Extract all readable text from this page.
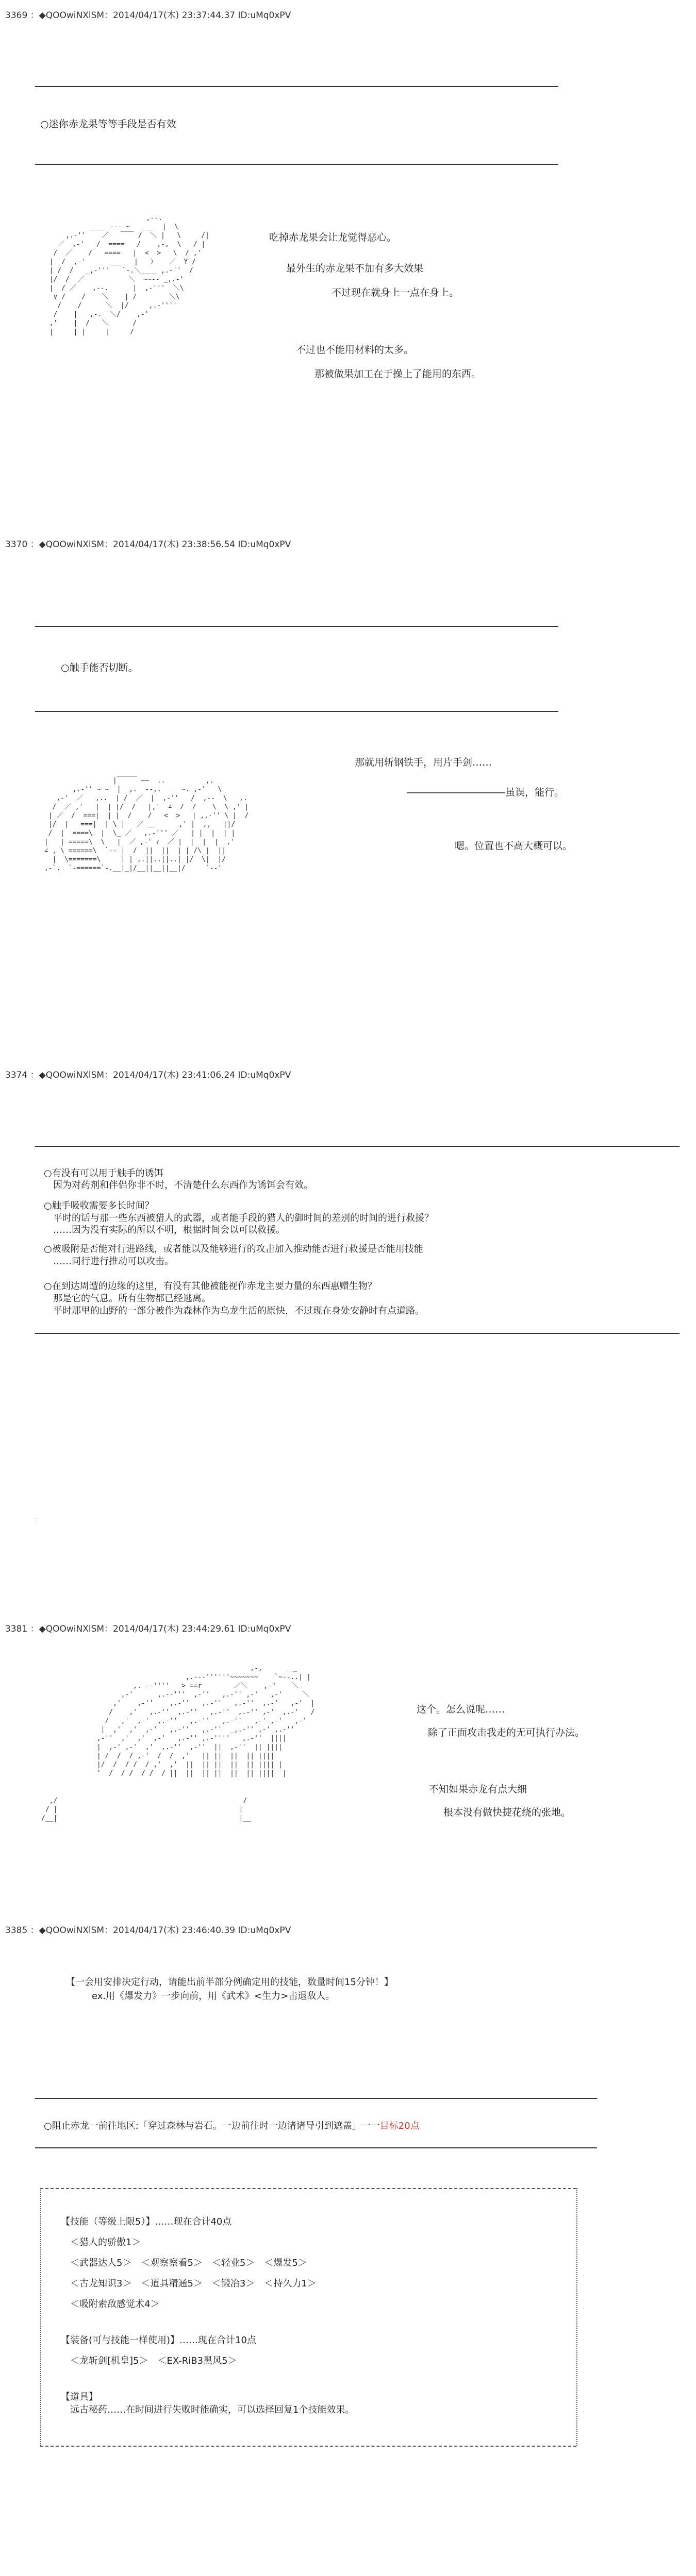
3369 ：◆QOOwiNXlSM：2014/04/17(木) 23:37:44.37 ID:uMq0xPV
○迷你赤龙果等等手段是否有效
,--.
____ --- ~   ___  |  \
,.-''    ／   ￣￣ /  ＼ |   \     /|
／  ,-'   /  ====   /    ,-,  \   / |
/  ／    /   ====   |  <  >   \  / ,'
|  /  ,-'      ___   |   ）   ／  Y /
| /  /   _,-'''   `-.＼____ ,.-''  /
|/  /  ／           ＼  ~~-- _,.-'
|  / ／    ,--.      |  ,-'''  ＼\
∨ /    /    ＼    | /        ＼\
/    /      ＼  |/     ,.-''''
/    |   ,-.  ＼/    ,-'
,'    |  /   ＼      /
|     | |     |     /
吃掉赤龙果会让龙觉得恶心。
最外生的赤龙果不加有多大效果
不过现在就身上一点在身上。
不过也不能用材料的太多。
那被做果加工在于操上了能用的东西。
3370 ：◆QOOwiNXlSM：2014/04/17(木) 23:38:56.54 ID:uMq0xPV
○触手能否切断。
|￣￣￣ ~~  ..          ,.
,.-'' ~ ~  |  ,.  --,.     ~. ,-'   \
,-'  ／   ,..  | /  ／  |  ,-''   /  ,--  \   ,.
/  ／ ,'   |  | |/  /   |,'  ∠  /  /    \  \ ,' |
| ／  /  ===|  | |  /    /   <  >   | ,.-'' \ |  /
|/  |   ===|  | \ |   ／ ＿      ,' |  ,,   ||/
/  |  ====\  |  \_ ／   ,.-''' ／   | |  |  | |
|   | =====\  \   |  ／ ,-' ｨ  ／ |  |  |  |  ,'
∠ , \ ======\  `-- |  /  ||  ||  | | /\ |  ||
|  \=======\     | | ,.||..||..| |/  \|  |/
,-`.  `-======`-.__|_|/__||__||__|/     `--'
那就用斩钢铁手，用片手剑……
――――――――――虽误，能行。
嗯。位置也不高大概可以。
3374 ：◆QOOwiNXlSM：2014/04/17(木) 23:41:06.24 ID:uMq0xPV
○有没有可以用于触手的诱饵
　因为对药剂和伴侣你非不时，不清楚什么东西作为诱饵会有效。
○触手吸收需要多长时间？
　平时的话与那一些东西被猎人的武器，或者能手段的猎人的御时间的差别的时间的进行救援？
　……因为没有实际的所以不明，根据时间会以可以救援。
○被吸附是否能对行进路线，或者能以及能够进行的攻击加入推动能否进行救援是否能用技能
　……同行进行推动可以攻击。
○在到达周遭的边缘的这里，有没有其他被能视作赤龙主要力量的东西惠赠生物？
　那是它的气息。所有生物都已经逃离。
　平时那里的山野的一部分被作为森林作为乌龙生活的原快，不过现在身处安静时有点道路。
：
3381 ：◆QOOwiNXlSM：2014/04/17(木) 23:44:29.61 ID:uMq0xPV
,-,      ＿_
,.---''''''~~~~~~~    `~--..| |
,. --''''   > ==r        ／＼    ,-"    ＼
,-'      ,.--'''  ,-''   ,.-'' ,-'   ,-'     ＼
,'    ,-''    ,.-''   ,.-''   ,.-''  ,.-'   ,-'  |
/    ,'   ,.-''  ,.-''   ,.-''  ,.-'' ,-'  ,.-'   /
/   ,'  ,-'  ,.-''   ,.-''   ,.-''   ,-' ,-'   ,-'
|  ,'  ,'  ,-'   ,.-''   ,.-''  _,.-'' ,-' ,.-''
,-''  ,'  ,'  ,-'   ,.-'' ,.-''''   ,.-''  ||||
|  ,-' ,-'  ,'  ,.-''  ,-''  ||  ,-''  || ||||
| /  /  / ,-'  /  /  ,'   || ||  ||  || ||||
|/  /  / /  / ,'  ,'  ||  || ||  ||  || |||| |
'  /  / /  / /  / ||  ||  || ||  ||  || ||||  |

,/                                              /
/ |                                             |
/__|                                             |__
这个。怎么说呢……
除了正面攻击我走的无可执行办法。
不知如果赤龙有点大细
根本没有做快捷花绕的张地。
3385 ：◆QOOwiNXlSM：2014/04/17(木) 23:46:40.39 ID:uMq0xPV
【一会用安排决定行动，请能出前半部分例确定用的技能，数量时间15分钟！】
ex.用《爆发力》一步向前，用《武术》<生力>击退敌人。
○阻止赤龙一前往地区:「穿过森林与岩石。一边前往时一边诸诸导引到遮盖」一一目标20点
【技能（等级上限5）】……现在合计40点
　＜猎人的骄傲1＞
　＜武器达人5＞　＜观察察看5＞　＜轻业5＞　＜爆发5＞
　＜古龙知识3＞　＜道具精通5＞　＜锻冶3＞　＜持久力1＞
　＜吸附索敌感觉术4＞
【装备(可与技能一样使用)】……现在合计10点
　＜龙斩剑[机皇]5＞　＜EX-RiB3黑风5＞
【道具】
　远古秘药……在时间进行失败时能确实，可以选择回复1个技能效果。
